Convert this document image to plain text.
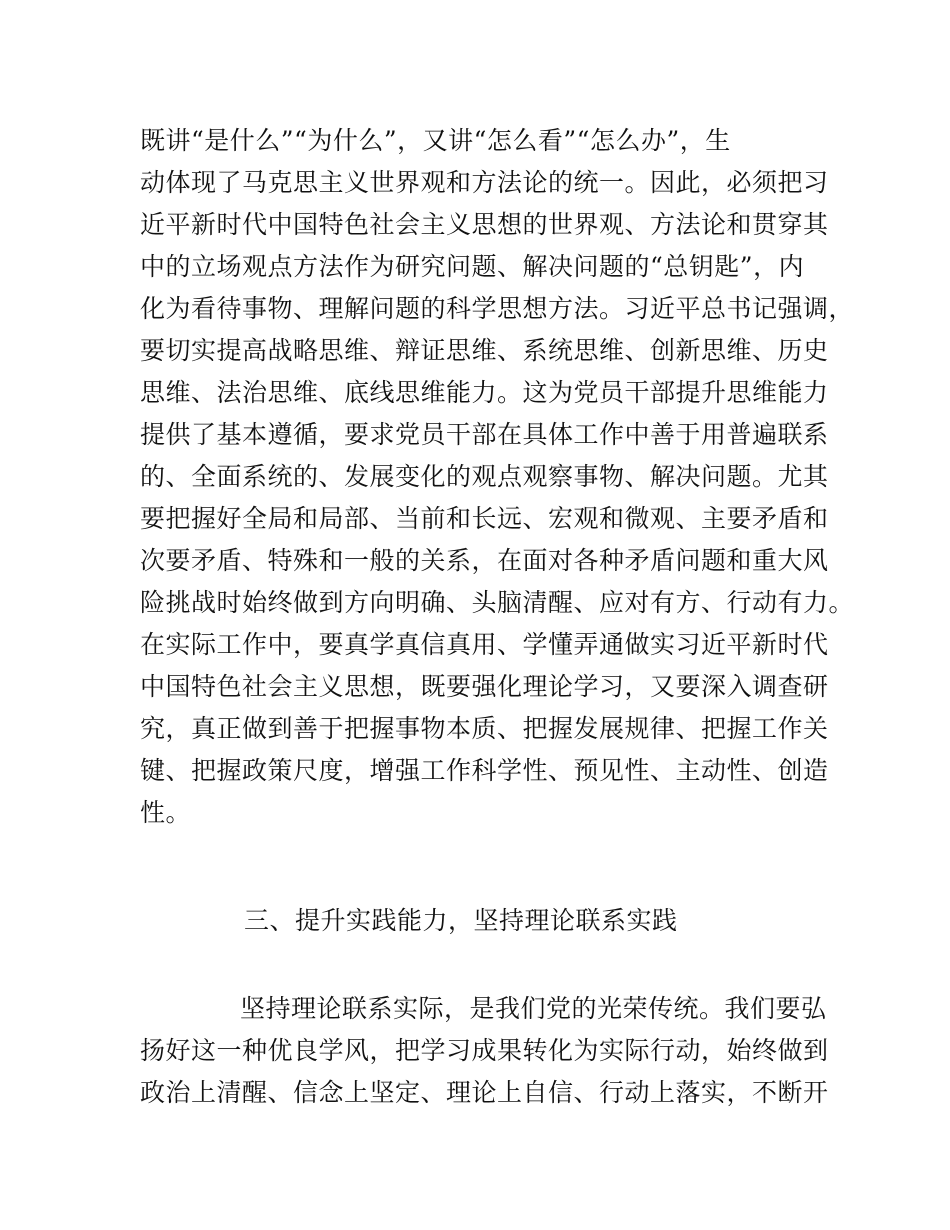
既讲“是什么”“为什么”，又讲“怎么看”“怎么办”，生
动体现了马克思主义世界观和方法论的统一。因此，必须把习
近平新时代中国特色社会主义思想的世界观、方法论和贯穿其
中的立场观点方法作为研究问题、解决问题的“总钥匙”，内
化为看待事物、理解问题的科学思想方法。习近平总书记强调，
要切实提高战略思维、辩证思维、系统思维、创新思维、历史
思维、法治思维、底线思维能力。这为党员干部提升思维能力
提供了基本遵循，要求党员干部在具体工作中善于用普遍联系
的、全面系统的、发展变化的观点观察事物、解决问题。尤其
要把握好全局和局部、当前和长远、宏观和微观、主要矛盾和
次要矛盾、特殊和一般的关系，在面对各种矛盾问题和重大风
险挑战时始终做到方向明确、头脑清醒、应对有方、行动有力。
在实际工作中，要真学真信真用、学懂弄通做实习近平新时代
中国特色社会主义思想，既要强化理论学习，又要深入调查研
究，真正做到善于把握事物本质、把握发展规律、把握工作关
键、把握政策尺度，增强工作科学性、预见性、主动性、创造
性。
三、提升实践能力，坚持理论联系实践
坚持理论联系实际，是我们党的光荣传统。我们要弘
扬好这一种优良学风，把学习成果转化为实际行动，始终做到
政治上清醒、信念上坚定、理论上自信、行动上落实，不断开
